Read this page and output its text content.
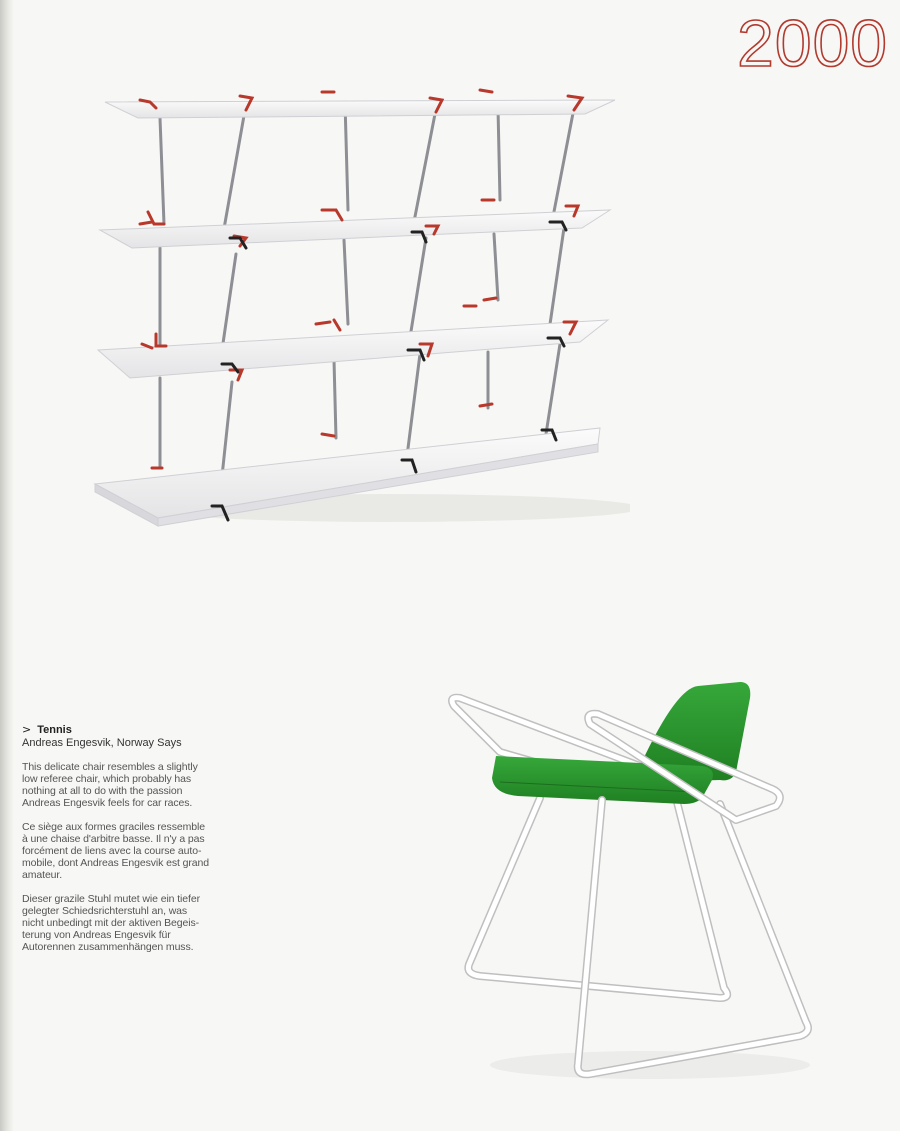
2000
> Tennis
Andreas Engesvik, Norway Says

This delicate chair resembles a slightly
low referee chair, which probably has
nothing at all to do with the passion
Andreas Engesvik feels for car races.

Ce siège aux formes graciles ressemble
à une chaise d'arbitre basse. Il n'y a pas
forcément de liens avec la course auto-
mobile, dont Andreas Engesvik est grand
amateur.

Dieser grazile Stuhl mutet wie ein tiefer
gelegter Schiedsrichterstuhl an, was
nicht unbedingt mit der aktiven Begeis-
terung von Andreas Engesvik für
Autorennen zusammenhängen muss.
